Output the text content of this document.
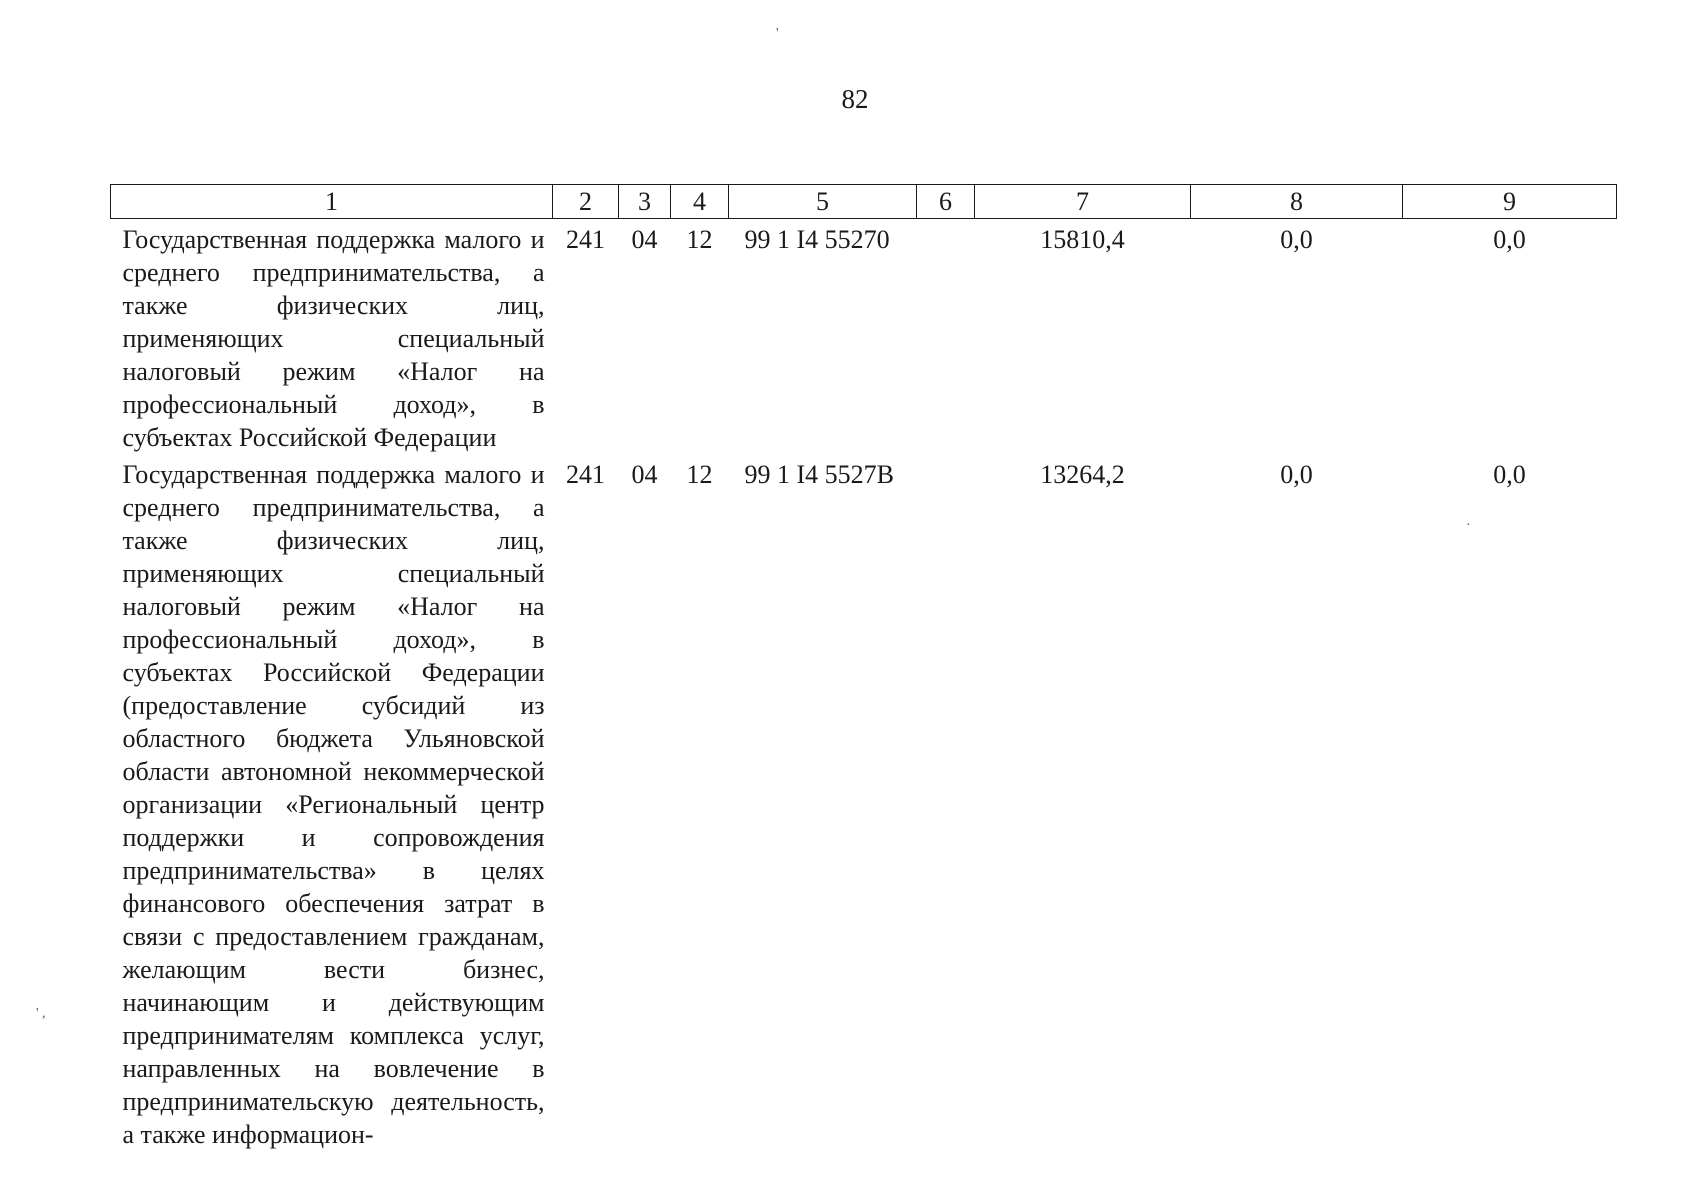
'
' ,
·
82
1	2	3	4	5	6	7	8	9
Государственная поддержка малого и среднего предпринимательства, а также физических лиц, применяющих специальный налоговый режим «Налог на профессиональный доход», в субъектах Российской Федерации	241	04	12	99 1 I4 55270		15810,4	0,0	0,0
Государственная поддержка малого и среднего предпринимательства, а также физических лиц, применяющих специальный налоговый режим «Налог на профессиональный доход», в субъектах Российской Федерации (предоставление субсидий из областного бюджета Ульяновской области автономной некоммерческой организации «Региональный центр поддержки и сопровождения предпринимательства» в целях финансового обеспечения затрат в связи с предоставлением гражданам, желающим вести бизнес, начинающим и действующим предпринимателям комплекса услуг, направленных на вовлечение в предпринимательскую деятельность, а также информацион-	241	04	12	99 1 I4 5527B		13264,2	0,0	0,0
